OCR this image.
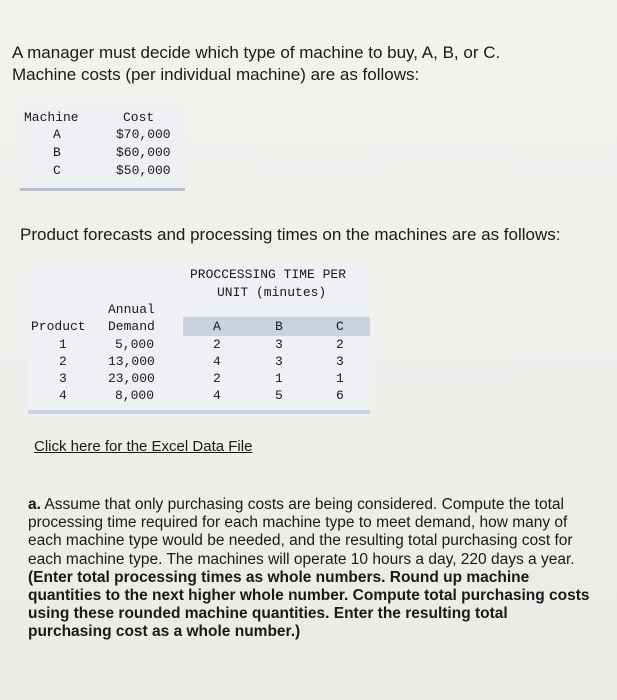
A manager must decide which type of machine to buy, A, B, or C.
Machine costs (per individual machine) are as follows:
Machine	Cost
A	$70,000
B	$60,000
C	$50,000
Product forecasts and processing times on the machines are as follows:
PROCCESSING TIME PER
UNIT (minutes)
Annual
Product Demand	A	B	C
1	5,000	2	3	2
2	13,000	4	3	3
3	23,000	2	1	1
4	8,000	4	5	6
Click here for the Excel Data File
a. Assume that only purchasing costs are being considered. Compute the total processing time required for each machine type to meet demand, how many of each machine type would be needed, and the resulting total purchasing cost for each machine type. The machines will operate 10 hours a day, 220 days a year. (Enter total processing times as whole numbers. Round up machine quantities to the next higher whole number. Compute total purchasing costs using these rounded machine quantities. Enter the resulting total purchasing cost as a whole number.)
